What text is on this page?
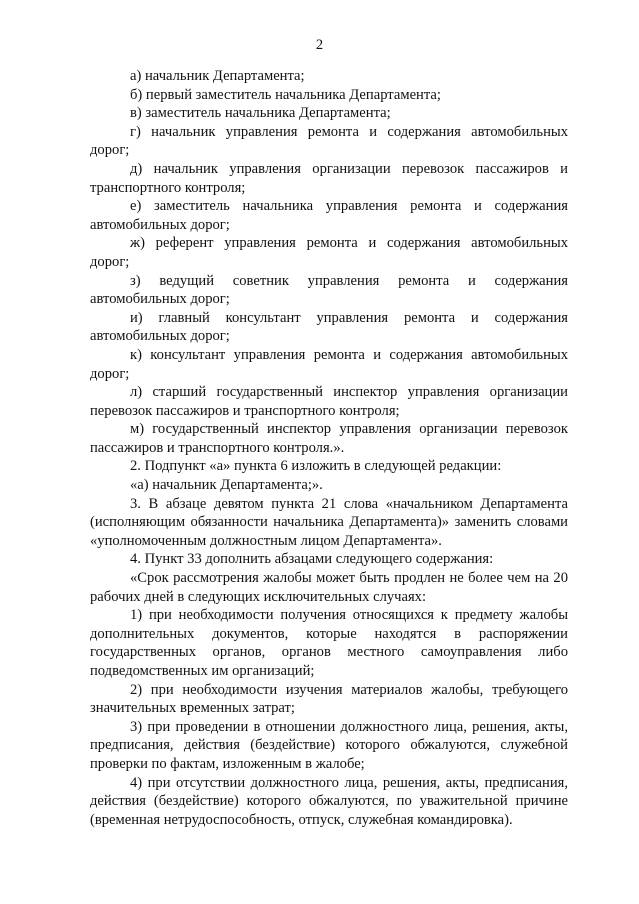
2

а) начальник Департамента;

б) первый заместитель начальника Департамента;

в) заместитель начальника Департамента;

г) начальник управления ремонта и содержания автомобильных дорог;

д) начальник управления организации перевозок пассажиров и транспортного контроля;

е) заместитель начальника управления ремонта и содержания автомобильных дорог;

ж) референт управления ремонта и содержания автомобильных дорог;

з) ведущий советник управления ремонта и содержания автомобильных дорог;

и) главный консультант управления ремонта и содержания автомобильных дорог;

к) консультант управления ремонта и содержания автомобильных дорог;

л) старший государственный инспектор управления организации перевозок пассажиров и транспортного контроля;

м) государственный инспектор управления организации перевозок пассажиров и транспортного контроля.».

2. Подпункт «а» пункта 6 изложить в следующей редакции:

«а) начальник Департамента;».

3. В абзаце девятом пункта 21 слова «начальником Департамента (исполняющим обязанности начальника Департамента)» заменить словами «уполномоченным должностным лицом Департамента».

4. Пункт 33 дополнить абзацами следующего содержания:

«Срок рассмотрения жалобы может быть продлен не более чем на 20 рабочих дней в следующих исключительных случаях:

1) при необходимости получения относящихся к предмету жалобы дополнительных документов, которые находятся в распоряжении государственных органов, органов местного самоуправления либо подведомственных им организаций;

2) при необходимости изучения материалов жалобы, требующего значительных временных затрат;

3) при проведении в отношении должностного лица, решения, акты, предписания, действия (бездействие) которого обжалуются, служебной проверки по фактам, изложенным в жалобе;

4) при отсутствии должностного лица, решения, акты, предписания, действия (бездействие) которого обжалуются, по уважительной причине (временная нетрудоспособность, отпуск, служебная командировка).
